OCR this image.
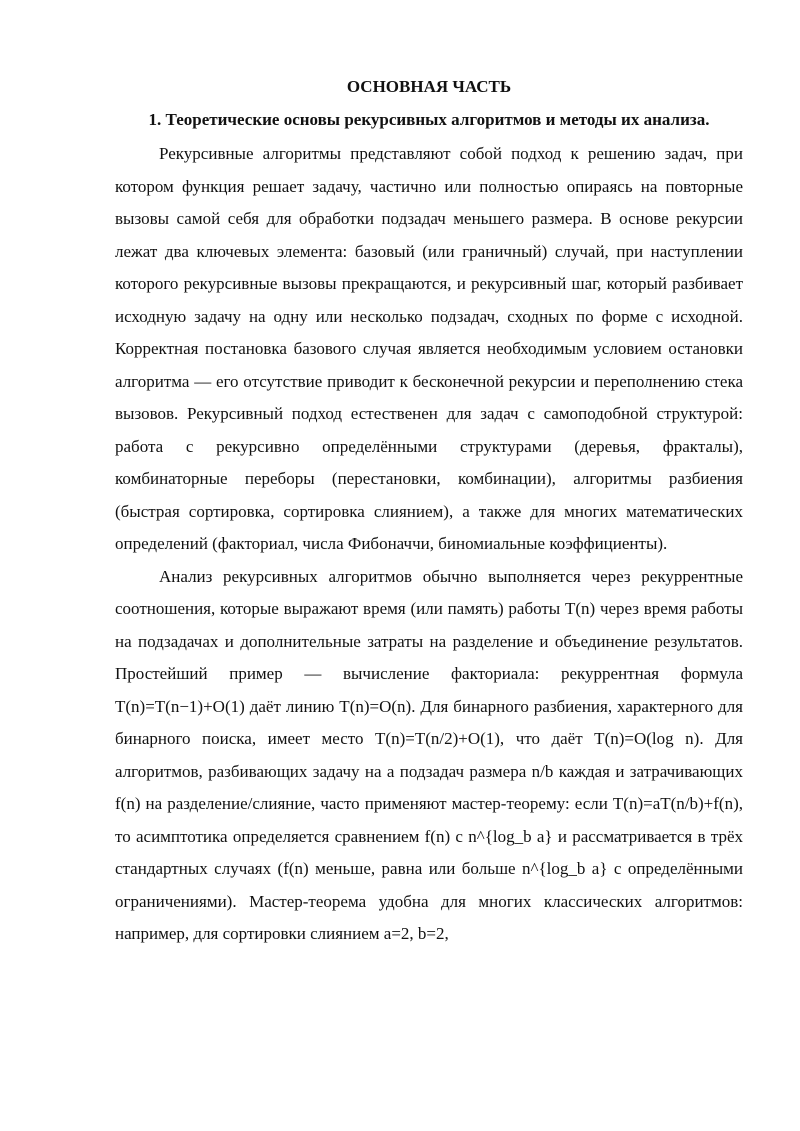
ОСНОВНАЯ ЧАСТЬ
1. Теоретические основы рекурсивных алгоритмов и методы их анализа.

Рекурсивные алгоритмы представляют собой подход к решению задач, при котором функция решает задачу, частично или полностью опираясь на повторные вызовы самой себя для обработки подзадач меньшего размера. В основе рекурсии лежат два ключевых элемента: базовый (или граничный) случай, при наступлении которого рекурсивные вызовы прекращаются, и рекурсивный шаг, который разбивает исходную задачу на одну или несколько подзадач, сходных по форме с исходной. Корректная постановка базового случая является необходимым условием остановки алгоритма — его отсутствие приводит к бесконечной рекурсии и переполнению стека вызовов. Рекурсивный подход естественен для задач с самоподобной структурой: работа с рекурсивно определёнными структурами (деревья, фракталы), комбинаторные переборы (перестановки, комбинации), алгоритмы разбиения (быстрая сортировка, сортировка слиянием), а также для многих математических определений (факториал, числа Фибоначчи, биномиальные коэффициенты).

Анализ рекурсивных алгоритмов обычно выполняется через рекуррентные соотношения, которые выражают время (или память) работы T(n) через время работы на подзадачах и дополнительные затраты на разделение и объединение результатов. Простейший пример — вычисление факториала: рекуррентная формула T(n)=T(n−1)+O(1) даёт линию T(n)=O(n). Для бинарного разбиения, характерного для бинарного поиска, имеет место T(n)=T(n/2)+O(1), что даёт T(n)=O(log n). Для алгоритмов, разбивающих задачу на a подзадач размера n/b каждая и затрачивающих f(n) на разделение/слияние, часто применяют мастер-теорему: если T(n)=aT(n/b)+f(n), то асимптотика определяется сравнением f(n) с n^{log_b a} и рассматривается в трёх стандартных случаях (f(n) меньше, равна или больше n^{log_b a} с определёнными ограничениями). Мастер-теорема удобна для многих классических алгоритмов: например, для сортировки слиянием a=2, b=2,
